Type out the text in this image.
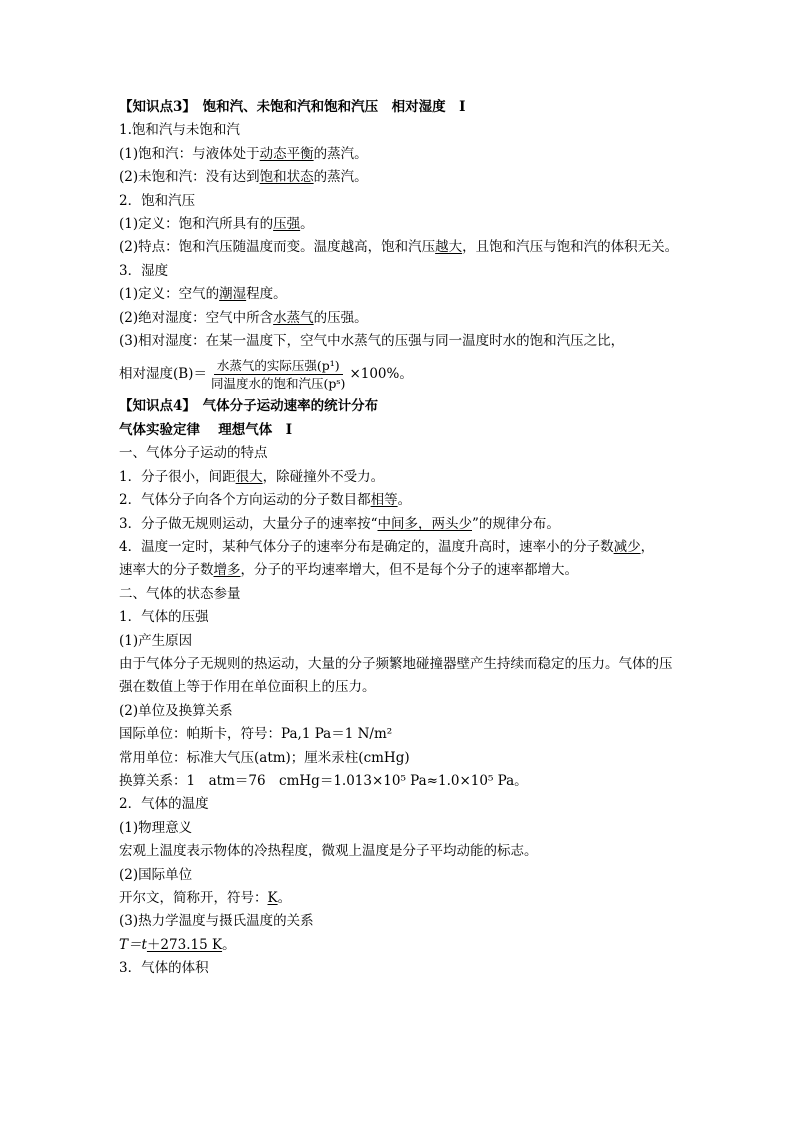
【知识点3】　饱和汽、未饱和汽和饱和汽压　相对湿度　Ⅰ
1.饱和汽与未饱和汽
(1)饱和汽：与液体处于动态平衡的蒸汽。
(2)未饱和汽：没有达到饱和状态的蒸汽。
2．饱和汽压
(1)定义：饱和汽所具有的压强。
(2)特点：饱和汽压随温度而变。温度越高，饱和汽压越大，且饱和汽压与饱和汽的体积无关。
3．湿度
(1)定义：空气的潮湿程度。
(2)绝对湿度：空气中所含水蒸气的压强。
(3)相对湿度：在某一温度下，空气中水蒸气的压强与同一温度时水的饱和汽压之比，
相对湿度$(B)= \frac{\text{水蒸气的实际压强(p¹)}}{\text{同温度水的饱和汽压(pˢ)}} \times 100\%$。
【知识点4】　气体分子运动速率的统计分布
气体实验定律　 理想气体　Ⅰ
一、气体分子运动的特点
1．分子很小，间距很大，除碰撞外不受力。
2．气体分子向各个方向运动的分子数目都相等。
3．分子做无规则运动，大量分子的速率按“中间多，两头少”的规律分布。
4．温度一定时，某种气体分子的速率分布是确定的，温度升高时，速率小的分子数减少，
速率大的分子数增多，分子的平均速率增大，但不是每个分子的速率都增大。
二、气体的状态参量
1．气体的压强
(1)产生原因
由于气体分子无规则的热运动，大量的分子频繁地碰撞器壁产生持续而稳定的压力。气体的压强在数值上等于作用在单位面积上的压力。
(2)单位及换算关系
国际单位：帕斯卡，符号：Pa,1 Pa＝1 N/m²
常用单位：标准大气压(atm)；厘米汞柱(cmHg)
换算关系：1　atm＝76　cmHg＝1.013×10⁵ Pa≈1.0×10⁵ Pa。
2．气体的温度
(1)物理意义
宏观上温度表示物体的冷热程度，微观上温度是分子平均动能的标志。
(2)国际单位
开尔文，简称开，符号：K。
(3)热力学温度与摄氏温度的关系
T＝t＋273.15 K。
3．气体的体积
